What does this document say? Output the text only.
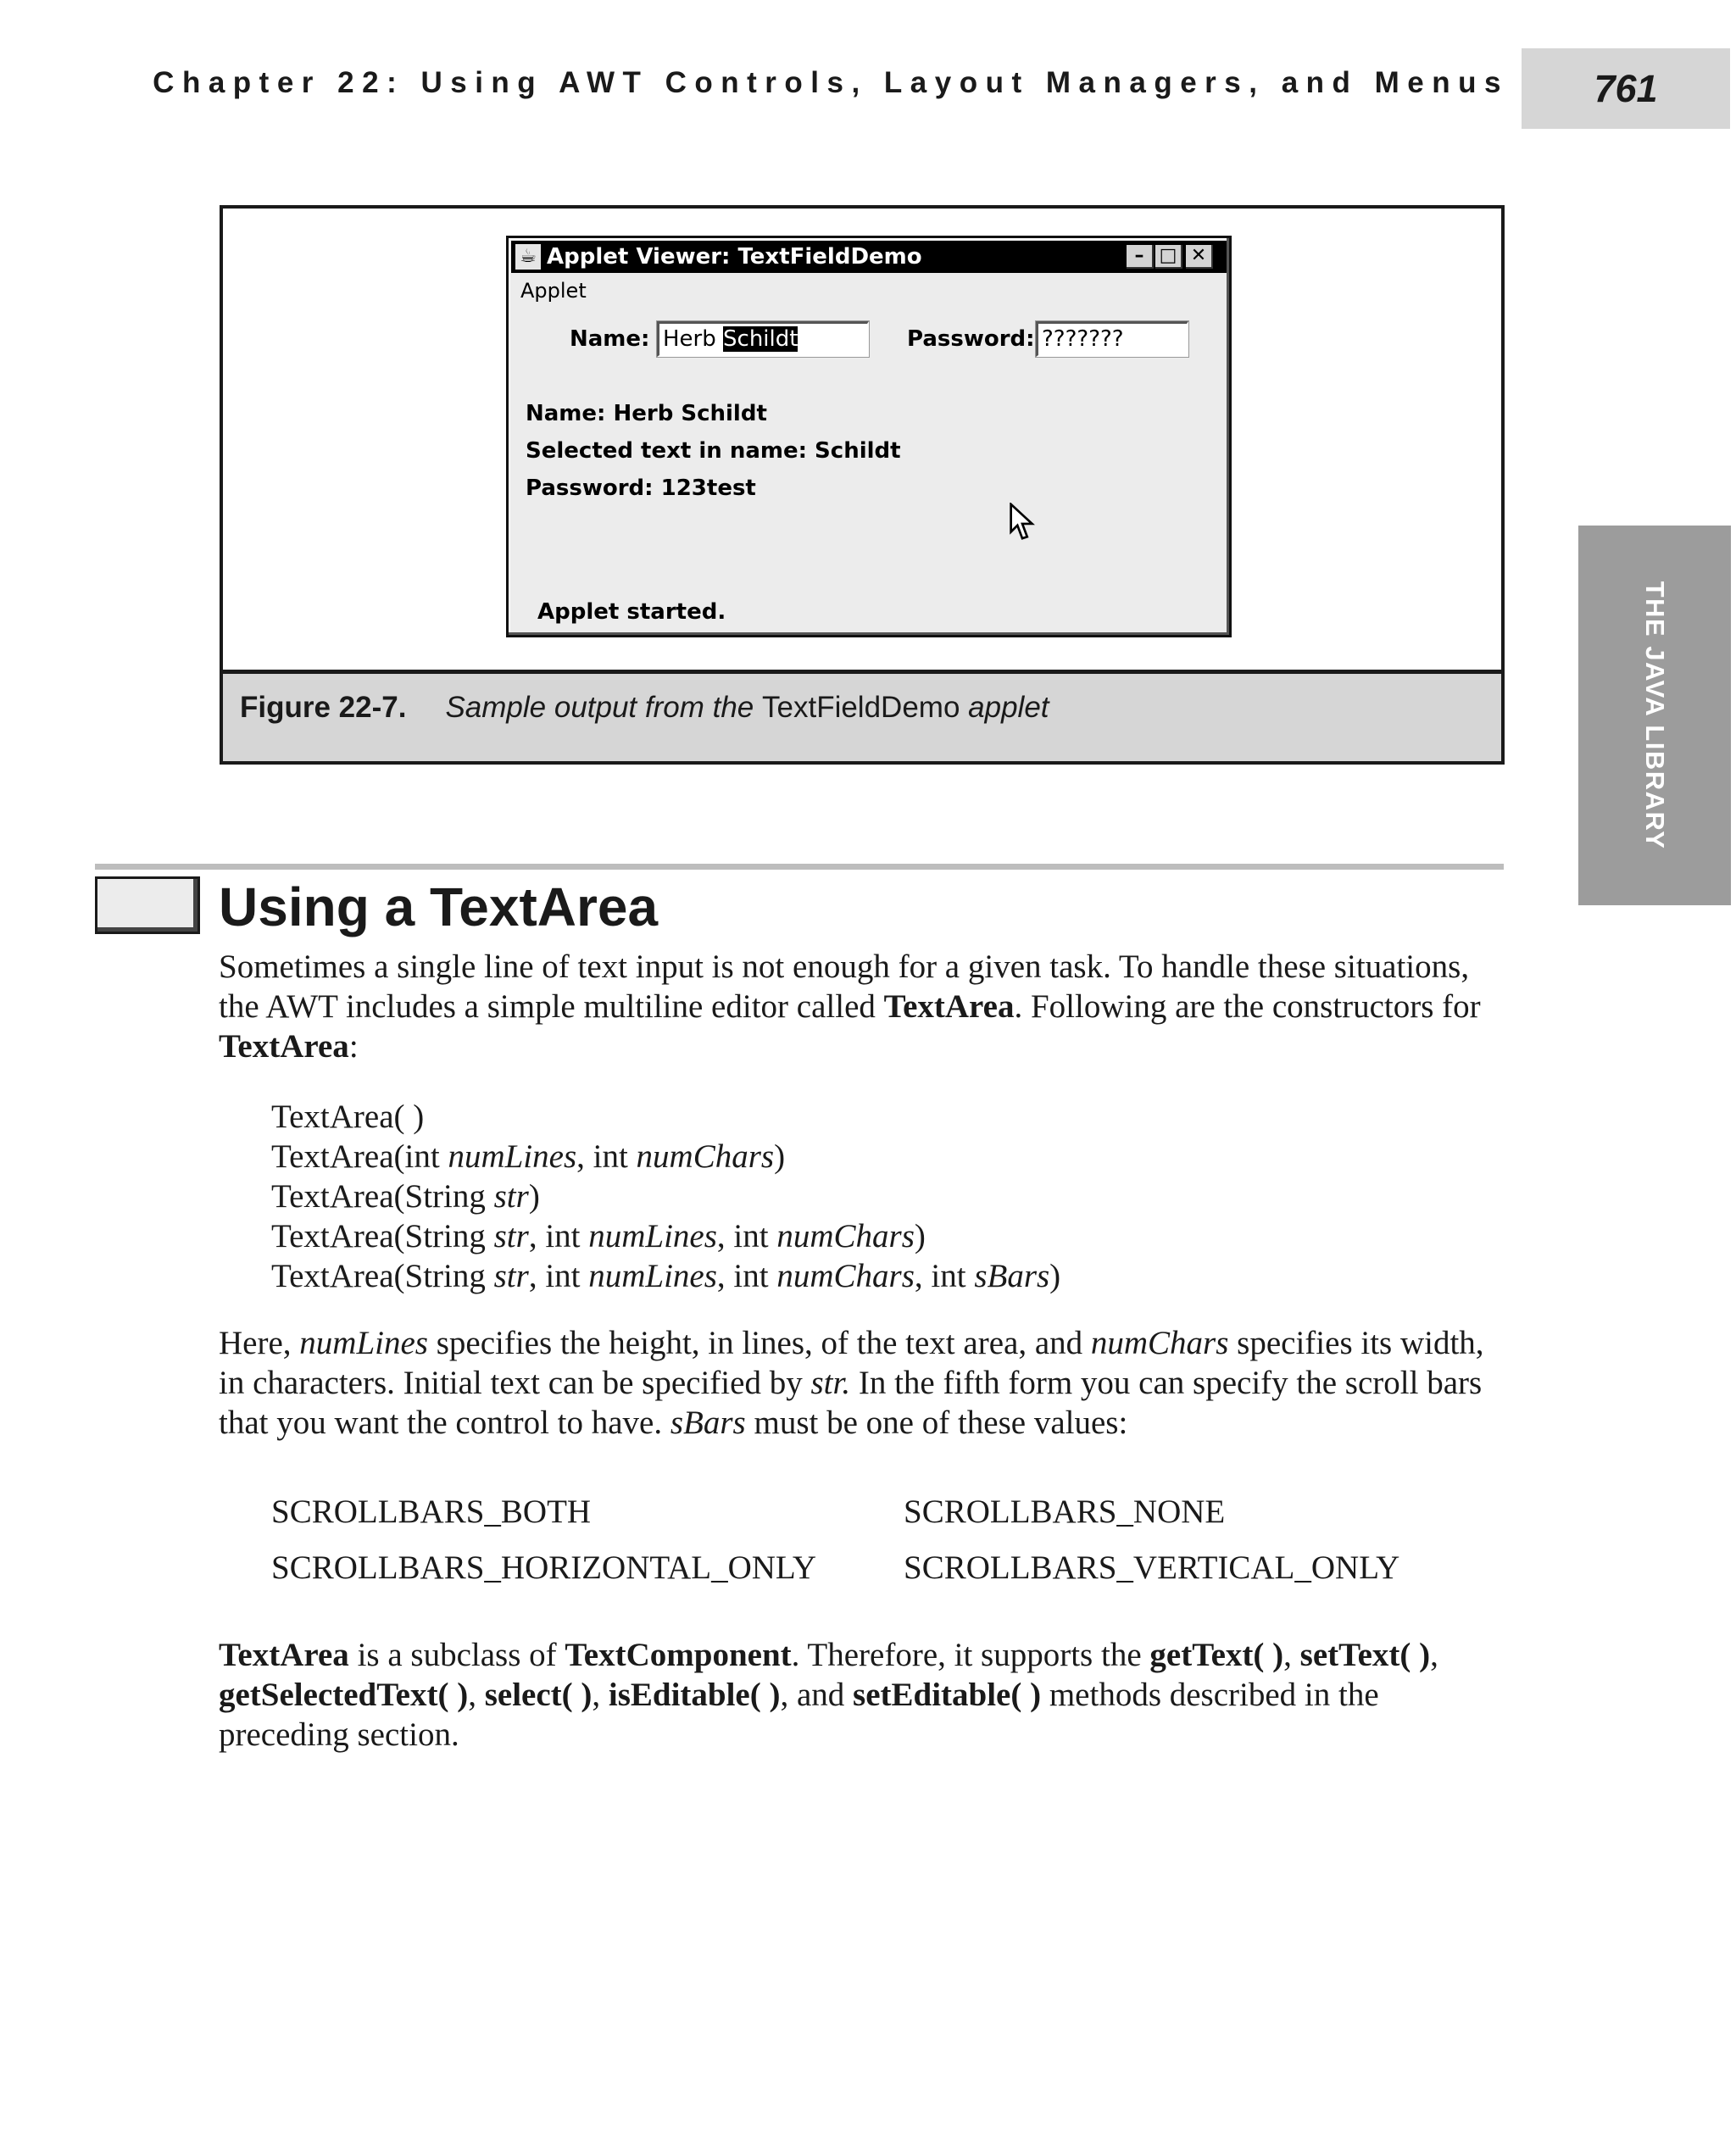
Chapter 22: Using AWT Controls, Layout Managers, and Menus	761
THE JAVA LIBRARY
☕ Applet Viewer: TextFieldDemo	– □ ✕
Applet
Name: Herb Schildt	Password: ???????
Name: Herb Schildt
Selected text in name: Schildt
Password: 123test
Applet started.
Figure 22-7. Sample output from the TextFieldDemo applet
Using a TextArea

Sometimes a single line of text input is not enough for a given task. To handle these situations, the AWT includes a simple multiline editor called TextArea. Following are the constructors for TextArea:

TextArea( )
TextArea(int numLines, int numChars)
TextArea(String str)
TextArea(String str, int numLines, int numChars)
TextArea(String str, int numLines, int numChars, int sBars)

Here, numLines specifies the height, in lines, of the text area, and numChars specifies its width, in characters. Initial text can be specified by str. In the fifth form you can specify the scroll bars that you want the control to have. sBars must be one of these values:

SCROLLBARS_BOTH	SCROLLBARS_NONE
SCROLLBARS_HORIZONTAL_ONLY	SCROLLBARS_VERTICAL_ONLY

TextArea is a subclass of TextComponent. Therefore, it supports the getText( ), setText( ), getSelectedText( ), select( ), isEditable( ), and setEditable( ) methods described in the preceding section.
